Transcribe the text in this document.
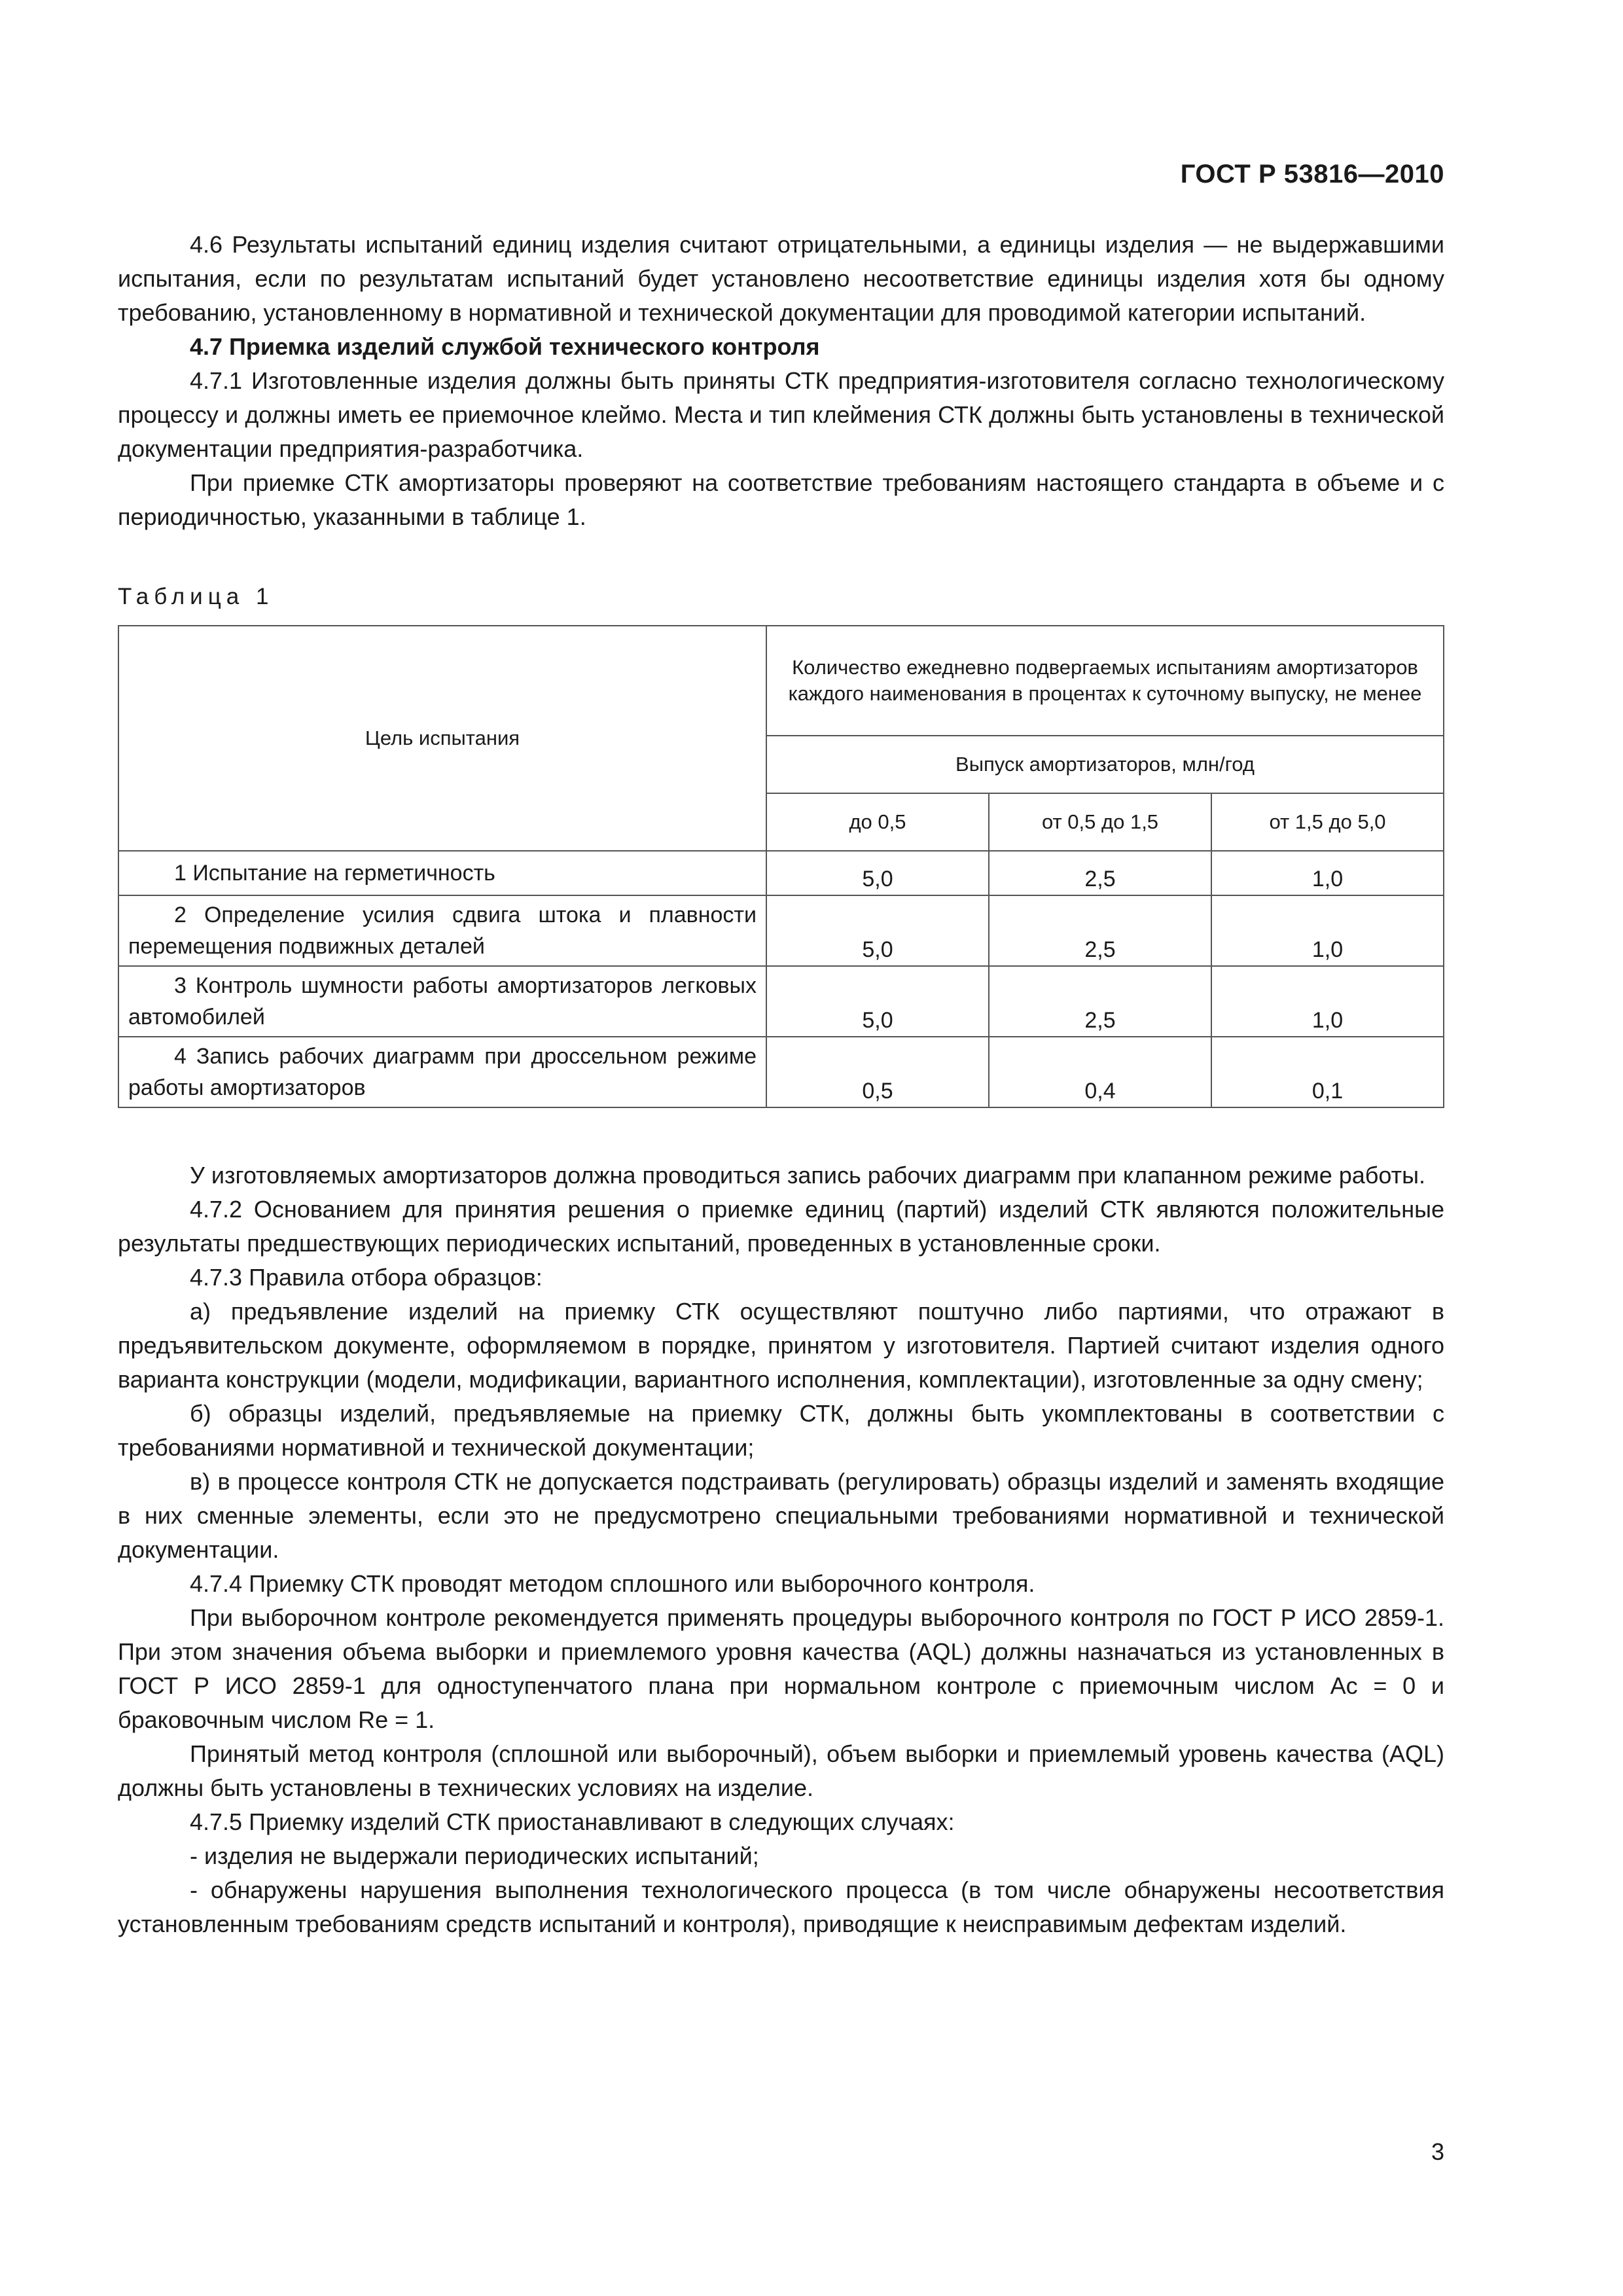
ГОСТ Р 53816—2010

4.6 Результаты испытаний единиц изделия считают отрицательными, а единицы изделия — не выдержавшими испытания, если по результатам испытаний будет установлено несоответствие единицы изделия хотя бы одному требованию, установленному в нормативной и технической документации для проводимой категории испытаний.

4.7 Приемка изделий службой технического контроля

4.7.1 Изготовленные изделия должны быть приняты СТК предприятия-изготовителя согласно технологическому процессу и должны иметь ее приемочное клеймо. Места и тип клеймения СТК должны быть установлены в технической документации предприятия-разработчика.

При приемке СТК амортизаторы проверяют на соответствие требованиям настоящего стандарта в объеме и с периодичностью, указанными в таблице 1.

Таблица 1
Цель испытания	Количество ежедневно подвергаемых испытаниям амортизаторов каждого наименования в процентах к суточному выпуску, не менее		
	Выпуск амортизаторов, млн/год		
	до 0,5	от 0,5 до 1,5	от 1,5 до 5,0

1 Испытание на герметичность	5,0	2,5	1,0

2 Определение усилия сдвига штока и плавности перемещения подвижных деталей	5,0	2,5	1,0

3 Контроль шумности работы амортизаторов легковых автомобилей	5,0	2,5	1,0

4 Запись рабочих диаграмм при дроссельном режиме работы амортизаторов	0,5	0,4	0,1

У изготовляемых амортизаторов должна проводиться запись рабочих диаграмм при клапанном режиме работы.

4.7.2 Основанием для принятия решения о приемке единиц (партий) изделий СТК являются положительные результаты предшествующих периодических испытаний, проведенных в установленные сроки.

4.7.3 Правила отбора образцов:

а) предъявление изделий на приемку СТК осуществляют поштучно либо партиями, что отражают в предъявительском документе, оформляемом в порядке, принятом у изготовителя. Партией считают изделия одного варианта конструкции (модели, модификации, вариантного исполнения, комплектации), изготовленные за одну смену;

б) образцы изделий, предъявляемые на приемку СТК, должны быть укомплектованы в соответствии с требованиями нормативной и технической документации;

в) в процессе контроля СТК не допускается подстраивать (регулировать) образцы изделий и заменять входящие в них сменные элементы, если это не предусмотрено специальными требованиями нормативной и технической документации.

4.7.4 Приемку СТК проводят методом сплошного или выборочного контроля.

При выборочном контроле рекомендуется применять процедуры выборочного контроля по ГОСТ Р ИСО 2859-1. При этом значения объема выборки и приемлемого уровня качества (AQL) должны назначаться из установленных в ГОСТ Р ИСО 2859-1 для одноступенчатого плана при нормальном контроле с приемочным числом Ас = 0 и браковочным числом Re = 1.

Принятый метод контроля (сплошной или выборочный), объем выборки и приемлемый уровень качества (AQL) должны быть установлены в технических условиях на изделие.

4.7.5 Приемку изделий СТК приостанавливают в следующих случаях:

- изделия не выдержали периодических испытаний;

- обнаружены нарушения выполнения технологического процесса (в том числе обнаружены несоответствия установленным требованиям средств испытаний и контроля), приводящие к неисправимым дефектам изделий.

3
